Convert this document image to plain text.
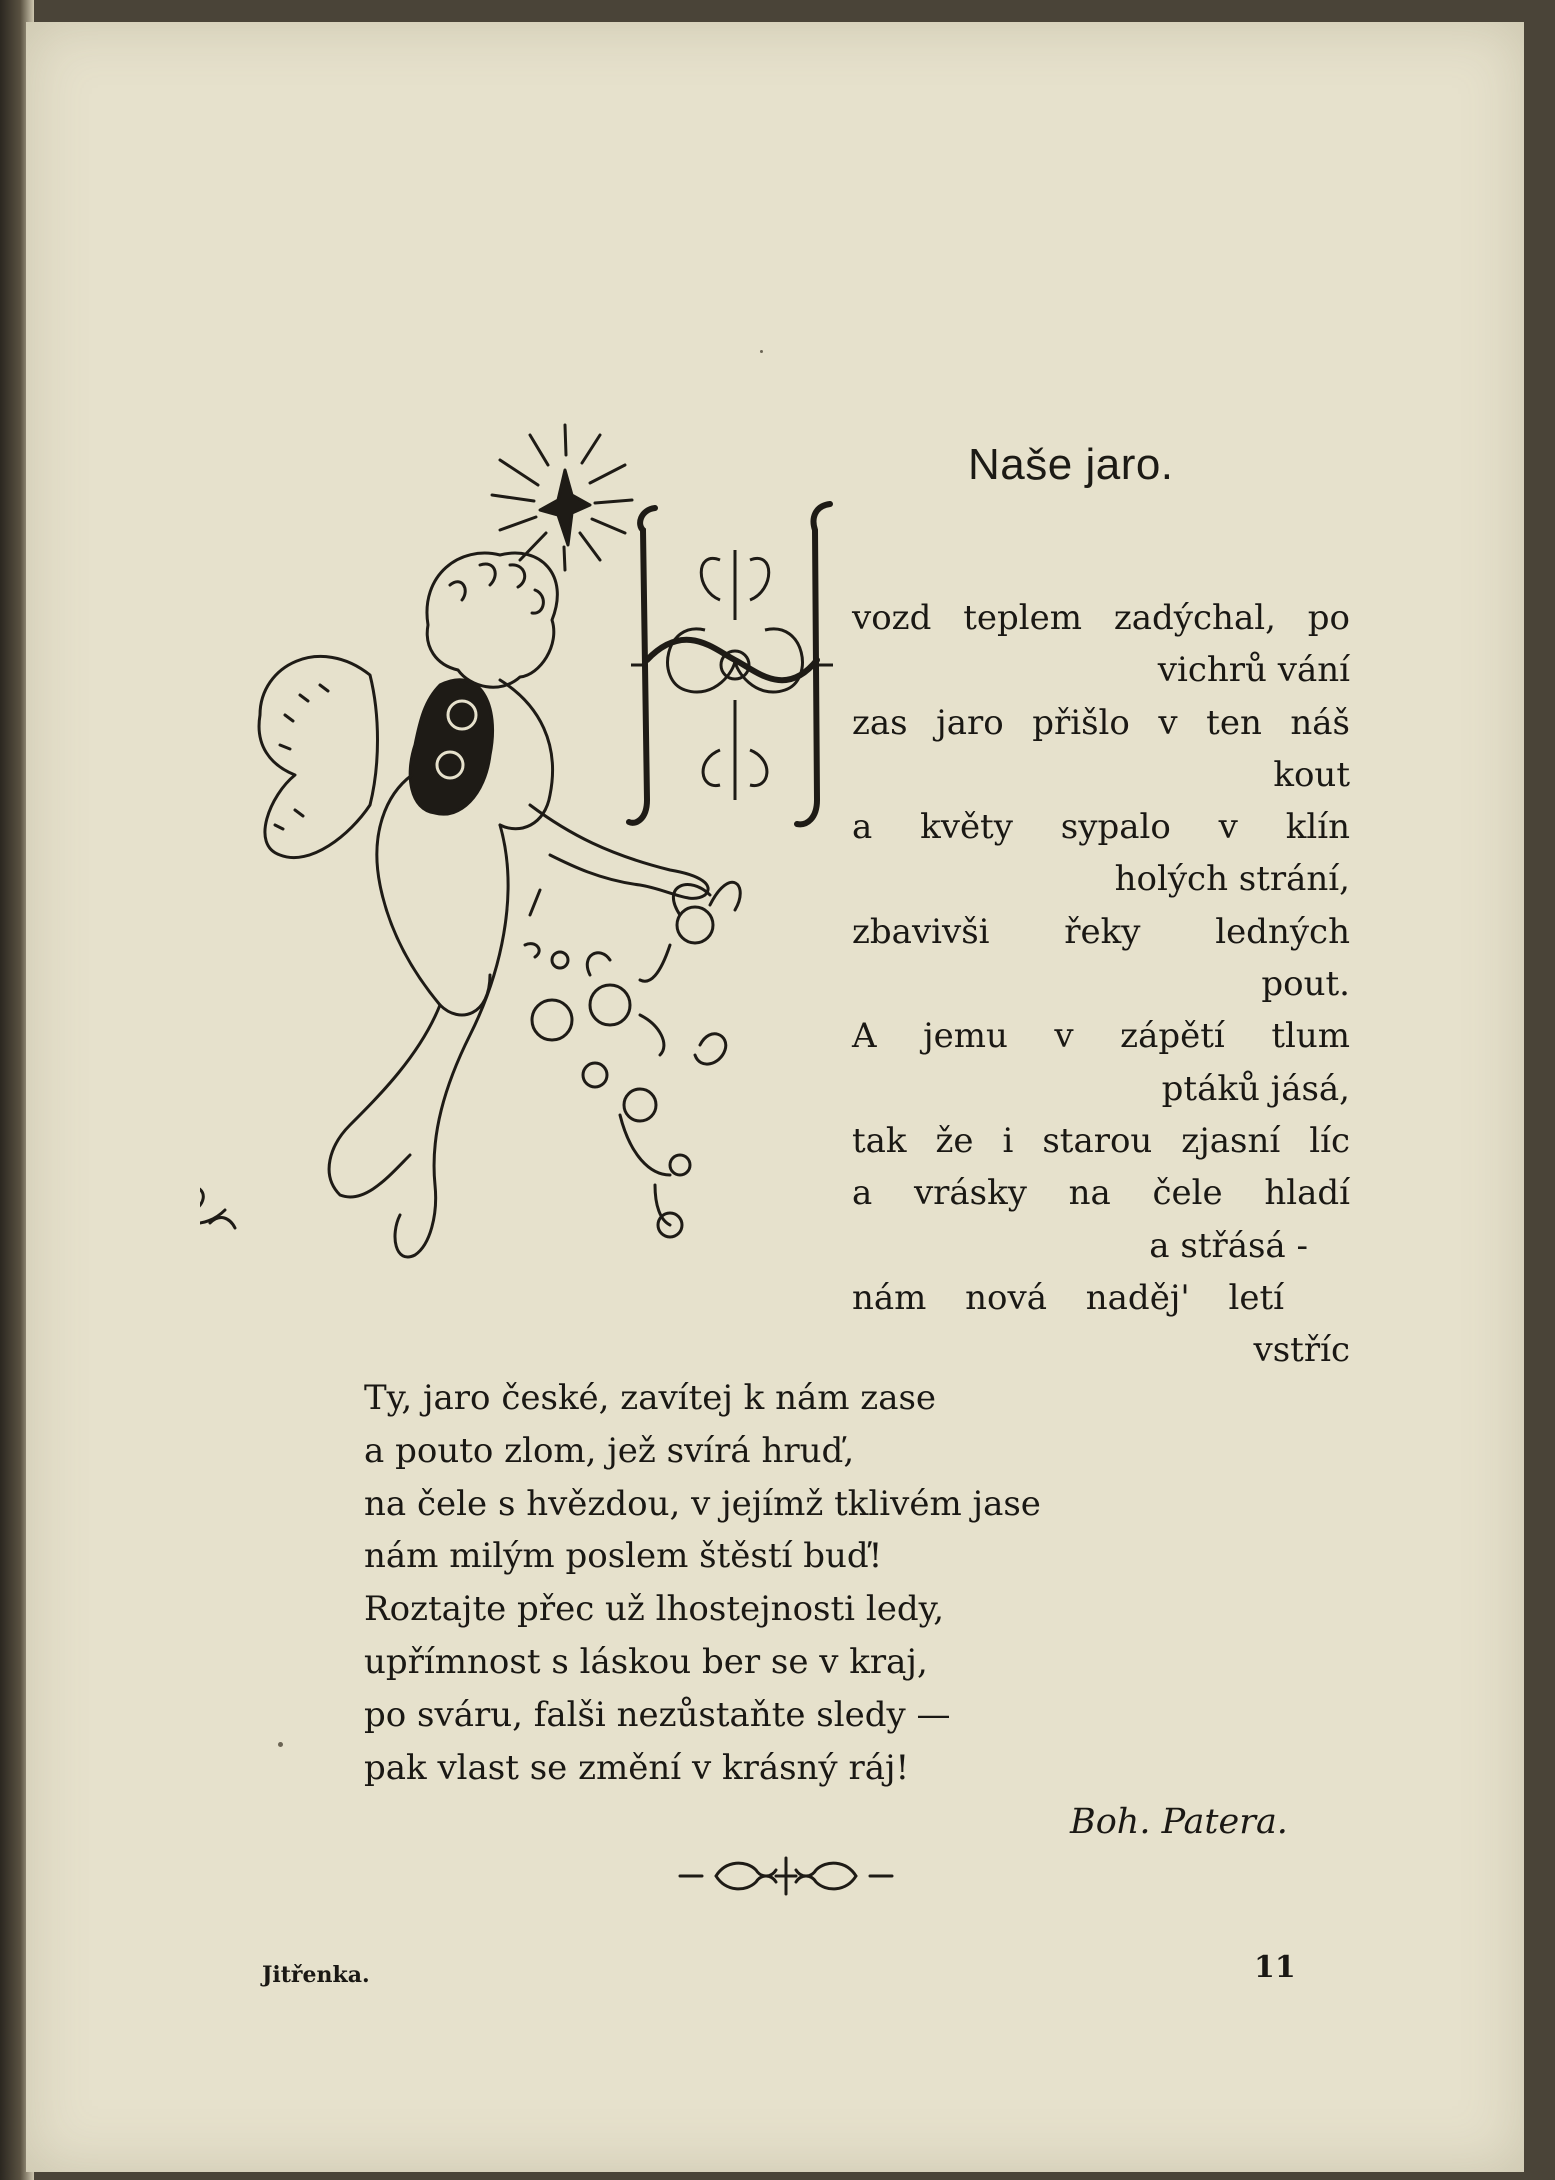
Naše jaro.
vozd teplem zadýchal, po
vichrů vání
zas jaro přišlo v ten náš
kout
a květy sypalo v klín
holých strání,
zbavivši řeky ledných
pout.
A jemu v zápětí tlum
ptáků jásá,
tak že i starou zjasní líc
a vrásky na čele hladí
a střásá -
nám nová naděj' letí
vstříc
Ty, jaro české, zavítej k nám zase
a pouto zlom, jež svírá hruď,
na čele s hvězdou, v jejímž tklivém jase
nám milým poslem štěstí buď!
Roztajte přec už lhostejnosti ledy,
upřímnost s láskou ber se v kraj,
po sváru, falši nezůstaňte sledy —
pak vlast se změní v krásný ráj!
Boh. Patera.
Jitřenka.	11
